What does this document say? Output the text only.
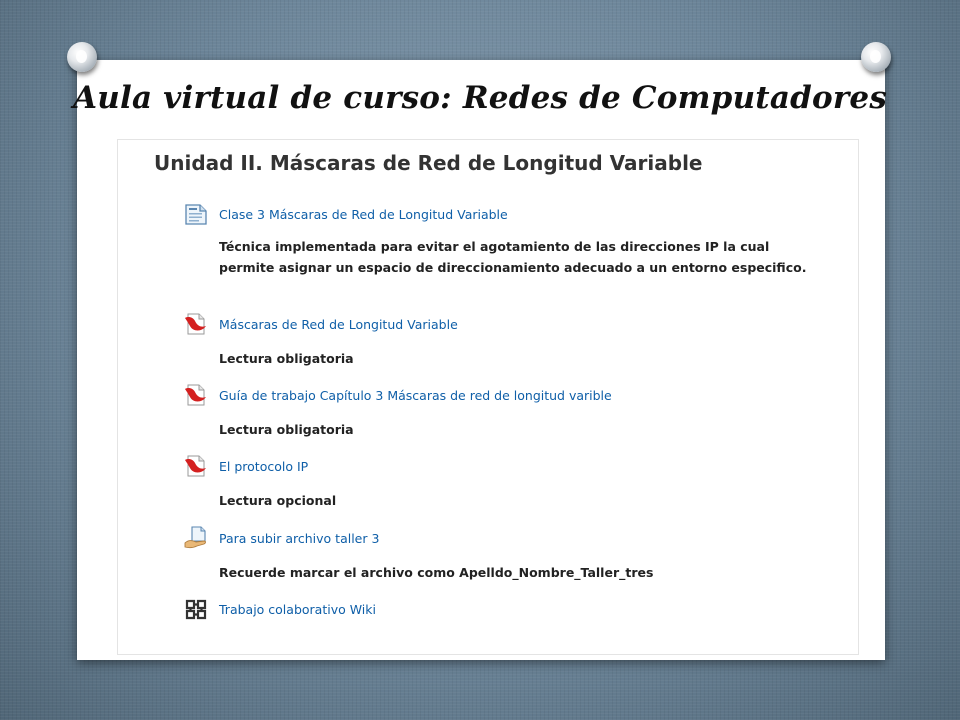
Aula virtual de curso: Redes de Computadores
Unidad II. Máscaras de Red de Longitud Variable
Clase 3 Máscaras de Red de Longitud Variable

Técnica implementada para evitar el agotamiento de las direcciones IP la cual permite asignar un espacio de direccionamiento adecuado a un entorno especifico.

Máscaras de Red de Longitud Variable

Lectura obligatoria

Guía de trabajo Capítulo 3 Máscaras de red de longitud varible

Lectura obligatoria

El protocolo IP

Lectura opcional

Para subir archivo taller 3

Recuerde marcar el archivo como Apelldo_Nombre_Taller_tres

Trabajo colaborativo Wiki
